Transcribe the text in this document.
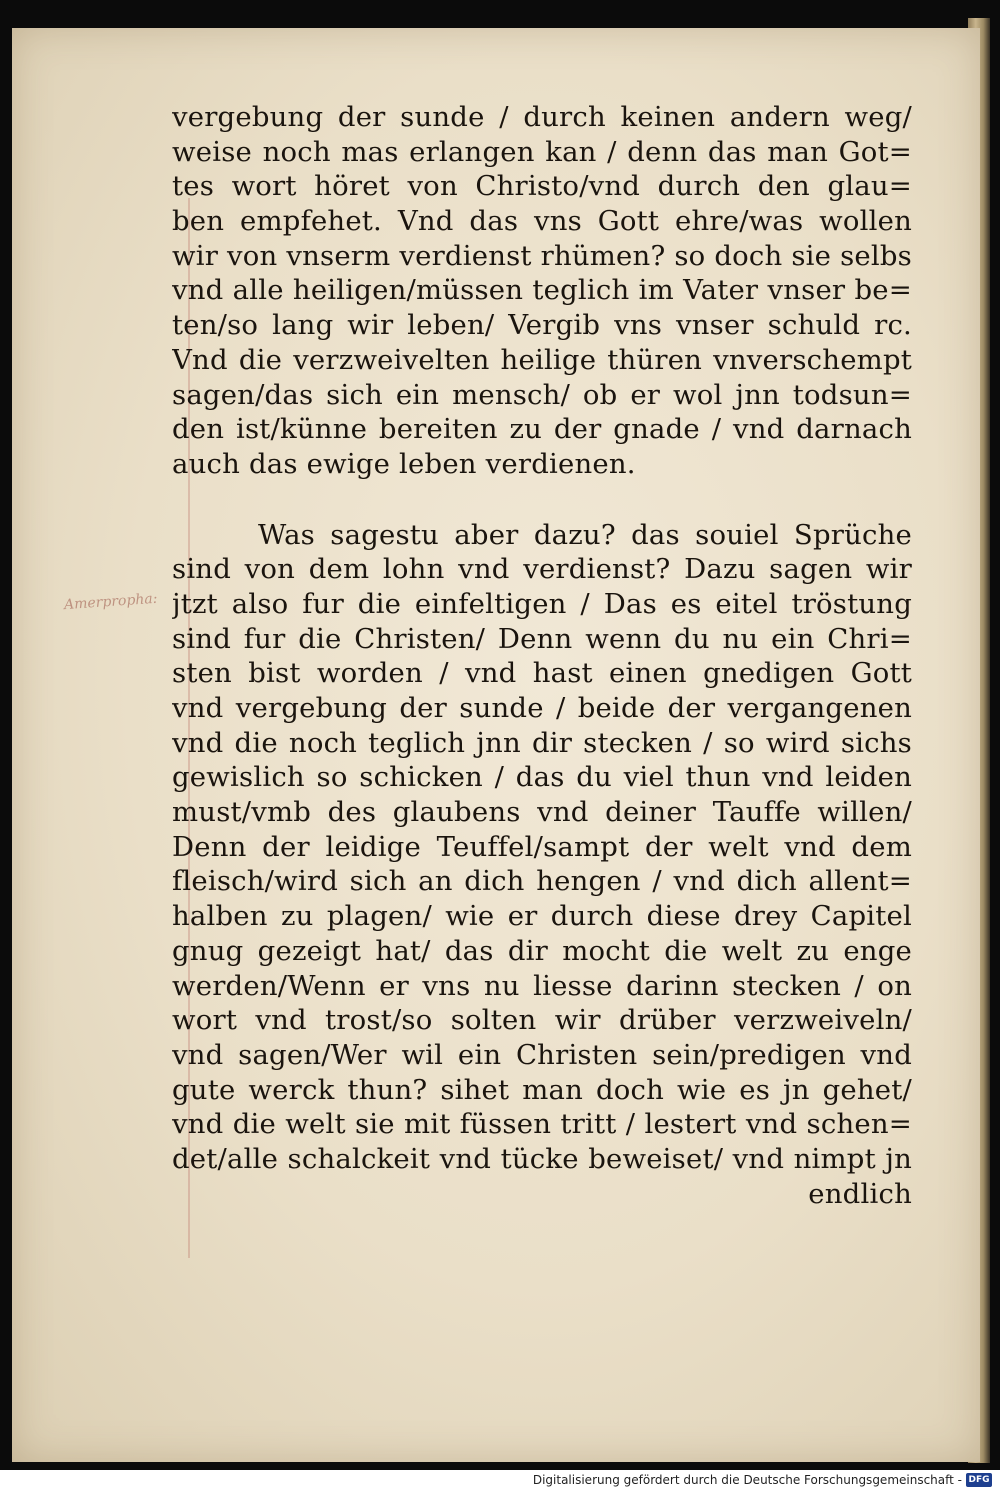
Amerpropha:
vergebung der sunde / durch keinen andern weg/
weise noch mas erlangen kan / denn das man Got=
tes wort höret von Christo/vnd durch den glau=
ben empfehet. Vnd das vns Gott ehre/was wollen
wir von vnserm verdienst rhümen? so doch sie selbs
vnd alle heiligen/müssen teglich im Vater vnser be=
ten/so lang wir leben/ Vergib vns vnser schuld rc.
Vnd die verzweivelten heilige thüren vnverschempt
sagen/das sich ein mensch/ ob er wol jnn todsun=
den ist/künne bereiten zu der gnade / vnd darnach
auch das ewige leben verdienen.
Was sagestu aber dazu? das souiel Sprüche
sind von dem lohn vnd verdienst? Dazu sagen wir
jtzt also fur die einfeltigen / Das es eitel tröstung
sind fur die Christen/ Denn wenn du nu ein Chri=
sten bist worden / vnd hast einen gnedigen Gott
vnd vergebung der sunde / beide der vergangenen
vnd die noch teglich jnn dir stecken / so wird sichs
gewislich so schicken / das du viel thun vnd leiden
must/vmb des glaubens vnd deiner Tauffe willen/
Denn der leidige Teuffel/sampt der welt vnd dem
fleisch/wird sich an dich hengen / vnd dich allent=
halben zu plagen/ wie er durch diese drey Capitel
gnug gezeigt hat/ das dir mocht die welt zu enge
werden/Wenn er vns nu liesse darinn stecken / on
wort vnd trost/so solten wir drüber verzweiveln/
vnd sagen/Wer wil ein Christen sein/predigen vnd
gute werck thun? sihet man doch wie es jn gehet/
vnd die welt sie mit füssen tritt / lestert vnd schen=
det/alle schalckeit vnd tücke beweiset/ vnd nimpt jn
endlich
Digitalisierung gefördert durch die Deutsche Forschungsgemeinschaft - DFG
